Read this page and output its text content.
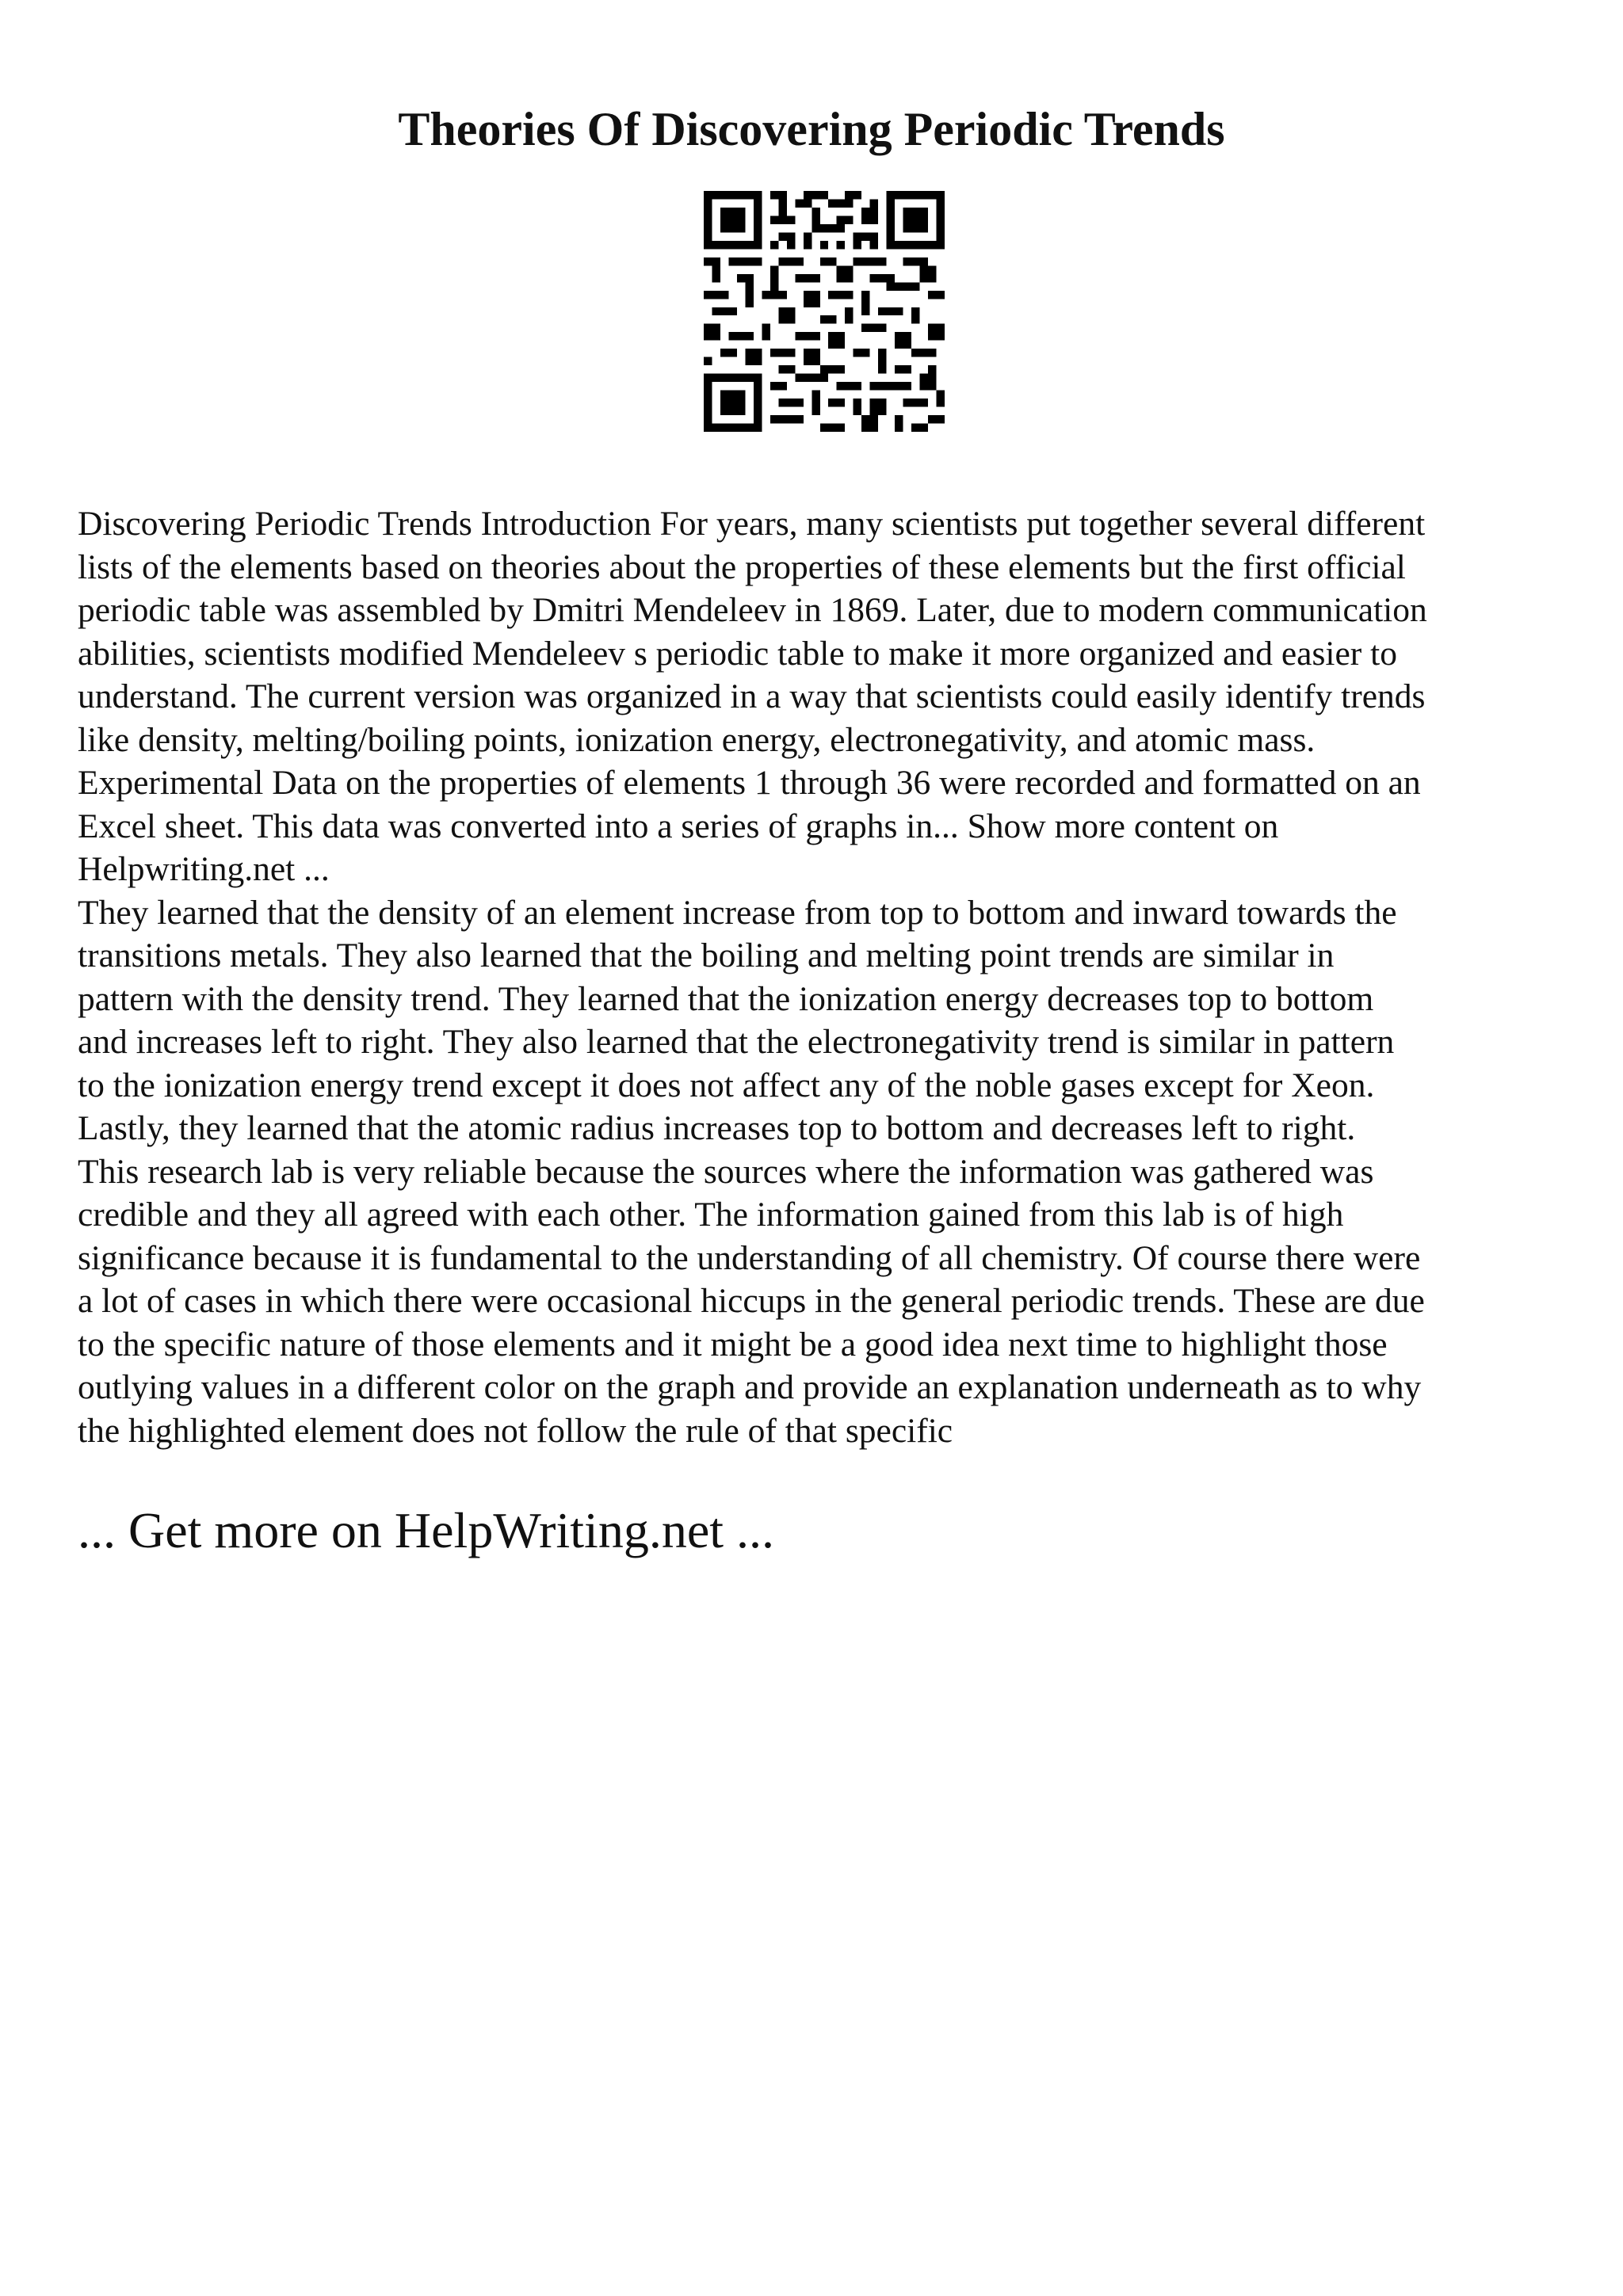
Theories Of Discovering Periodic Trends

Discovering Periodic Trends Introduction For years, many scientists put together several different
lists of the elements based on theories about the properties of these elements but the first official
periodic table was assembled by Dmitri Mendeleev in 1869. Later, due to modern communication
abilities, scientists modified Mendeleev s periodic table to make it more organized and easier to
understand. The current version was organized in a way that scientists could easily identify trends
like density, melting/boiling points, ionization energy, electronegativity, and atomic mass.
Experimental Data on the properties of elements 1 through 36 were recorded and formatted on an
Excel sheet. This data was converted into a series of graphs in... Show more content on
Helpwriting.net ...
They learned that the density of an element increase from top to bottom and inward towards the
transitions metals. They also learned that the boiling and melting point trends are similar in
pattern with the density trend. They learned that the ionization energy decreases top to bottom
and increases left to right. They also learned that the electronegativity trend is similar in pattern
to the ionization energy trend except it does not affect any of the noble gases except for Xeon.
Lastly, they learned that the atomic radius increases top to bottom and decreases left to right.
This research lab is very reliable because the sources where the information was gathered was
credible and they all agreed with each other. The information gained from this lab is of high
significance because it is fundamental to the understanding of all chemistry. Of course there were
a lot of cases in which there were occasional hiccups in the general periodic trends. These are due
to the specific nature of those elements and it might be a good idea next time to highlight those
outlying values in a different color on the graph and provide an explanation underneath as to why
the highlighted element does not follow the rule of that specific

... Get more on HelpWriting.net ...
